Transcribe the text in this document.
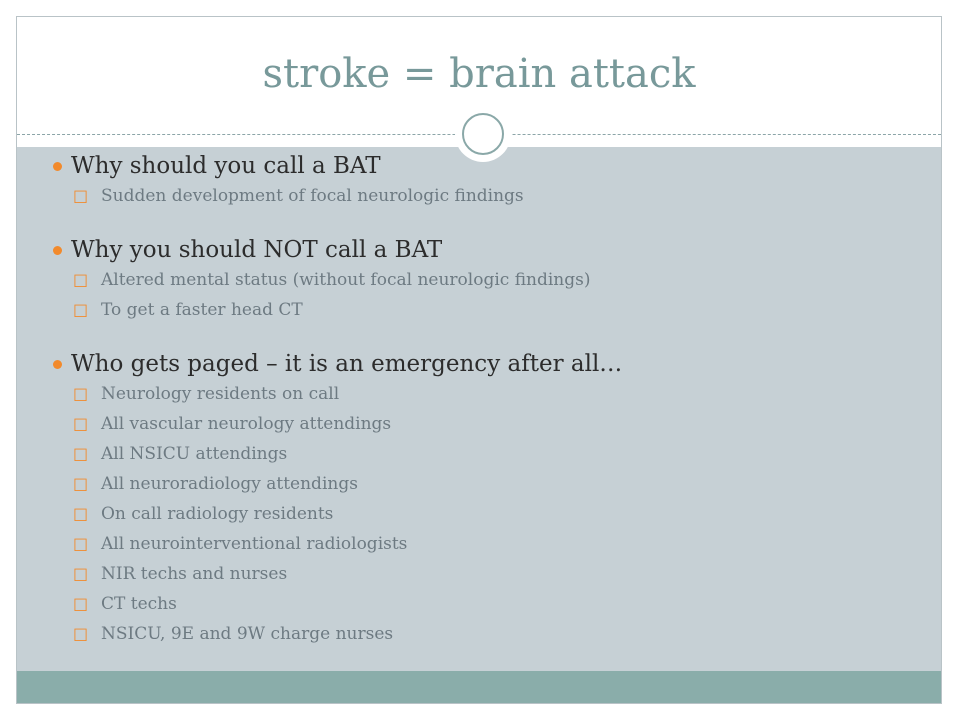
stroke = brain attack
Why should you call a BAT
□ Sudden development of focal neurologic findings
Why you should NOT call a BAT
□ Altered mental status (without focal neurologic findings)
□ To get a faster head CT
Who gets paged – it is an emergency after all…
□ Neurology residents on call
□ All vascular neurology attendings
□ All NSICU attendings
□ All neuroradiology attendings
□ On call radiology residents
□ All neurointerventional radiologists
□ NIR techs and nurses
□ CT techs
□ NSICU, 9E and 9W charge nurses
